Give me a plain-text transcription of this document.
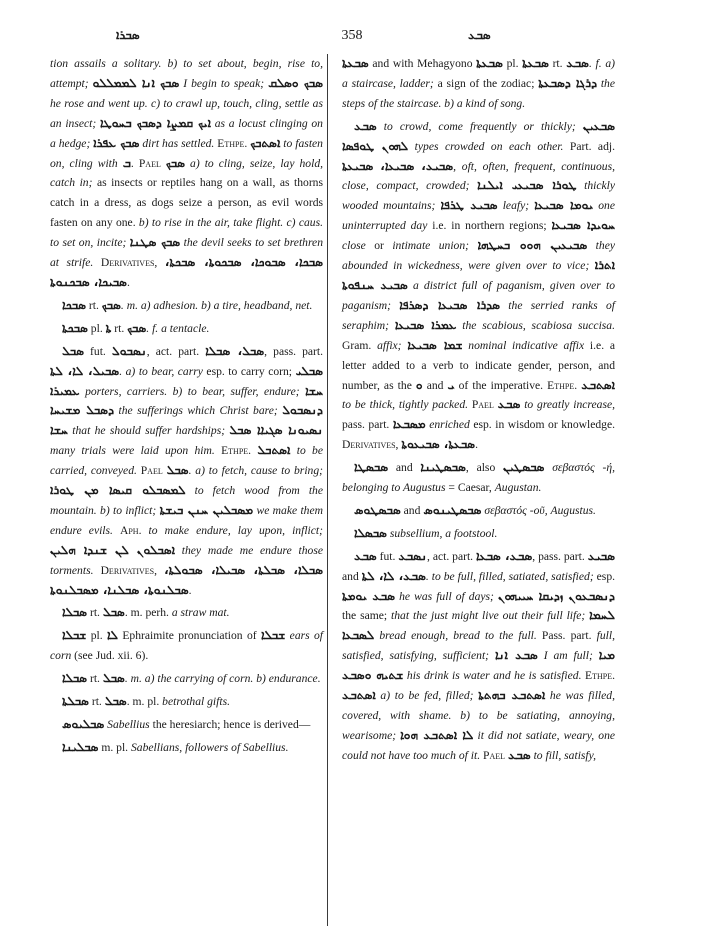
ܣܒܪܐ	358	ܣܒܥ

tion assails a solitary. b) to set about, begin, rise to, attempt; ܣܒܟ ܐܢܐ ܠܡܡܠܠܘ I begin to speak; ܣܒܟ ܘܣܠܩ he rose and went up. c) to crawl up, touch, cling, settle as an insect; ܐܝܟ ܩܡܨܐ ܕܣܒܟ ܒܚܘܛܐ as a locust clinging on a hedge; ܣܒܟ ܥܦܪܐ dirt has settled. Ethpe. ܐܣܬܒܟ to fasten on, cling with ܒ. Pael ܣܒܟ a) to cling, seize, lay hold, catch in; as insects or reptiles hang on a wall, as thorns catch in a dress, as dogs seize a person, as evil words fasten on any one. b) to rise in the air, take flight. c) caus. to set on, incite; ܣܒܟ ܣܛܢܐ the devil seeks to set brethren at strife. Derivatives, ܣܒܟܐ، ܣܒܘܟܐ، ܣܒܟܘܬܐ، ܣܒܟܬܐ، ܣܒܝܟܐ، ܣܒܟܢܘܬܐ.

ܣܒܟܐ rt. ܣܒܟ. m. a) adhesion. b) a tire, headband, net.

ܣܒܟܬܐ pl. ܬܐ rt. ܣܒܟ. f. a tentacle.

ܣܒܠ fut. ܢܣܒܘܠ, act. part. ܣܒܠ، ܣܒܠܐ, pass. part. ܣܒܝܠ، ܠܐ، ܠܬܐ. a) to bear, carry esp. to carry corn; ܣܒܠܝ ܥܡܝܪܐ porters, carriers. b) to bear, suffer, endure; ܚܫܐ ܕܣܒܠ ܡܫܝܚܐ the sufferings which Christ bare; ܕܢܣܒܘܠ ܚܫܐ that he should suffer hardships; ܢܣܝܘܢܐ ܣܓܝܐܐ ܣܒܠ many trials were laid upon him. Ethpe. ܐܣܬܒܠ to be carried, conveyed. Pael ܣܒܠ. a) to fetch, cause to bring; ܠܡܣܒܠܘ ܩܝܣܐ ܡܢ ܛܘܪܐ to fetch wood from the mountain. b) to inflict; ܡܣܒܠܝܢ ܚܢܢ ܒܝܫܬܐ we make them endure evils. Aph. to make endure, lay upon, inflict; ܐܣܒܠܘܢ ܠܢ ܫܢܕܐ ܗܠܝܢ they made me endure those torments. Derivatives, ܣܒܠܐ، ܣܒܠܬܐ، ܣܒܝܠܐ، ܣܒܘܠܬܐ، ܣܒܠܢܘܬܐ، ܣܒܠܢܐ، ܡܣܒܠܢܘܬܐ.

ܣܒܠܐ rt. ܣܒܠ. m. perh. a straw mat.

ܫܒܠܐ pl. ܠܐ Ephraimite pronunciation of ܫܒܠܐ ears of corn (see Jud. xii. 6).

ܣܒܠܐ rt. ܣܒܠ. m. a) the carrying of corn. b) endurance.

ܣܒܠܬܐ rt. ܣܒܠ. m. pl. betrothal gifts.

ܣܒܠܝܘܣ Sabellius the heresiarch; hence is derived—

ܣܒܠܝܢܐ m. pl. Sabellians, followers of Sabellius.

ܣܒܥܬܐ and with Mehagyono ܣܒܥܬܐ pl. ܣܒܥܬܐ rt. ܣܒܥ. f. a) a staircase, ladder; a sign of the zodiac; ܕܪܓܐ ܕܣܒܥܬܐ the steps of the staircase. b) a kind of song.

ܣܒܥ to crowd, come frequently or thickly; ܣܒܥܝܢ ܠܗܘܢ ܛܘܦܣܐ types crowded on each other. Part. adj. ܣܒܝܥ، ܣܒܝܥܐ، ܣܒܝܥܬܐ, oft, often, frequent, continuous, close, compact, crowded; ܛܘܪܐ ܣܒܝܥܝ ܐܝܠܢܐ thickly wooded mountains; ܣܒܝܥ ܛܪܦܐ leafy; ܝܘܡܐ ܣܒܝܥܐ one uninterrupted day i.e. in northern regions; ܚܘܝܕܐ ܣܒܝܥܐ close or intimate union; ܣܒܝܥܝܢ ܗܘܘ ܒܚܛܗܐ they abounded in wickedness, were given over to vice; ܐܬܪܐ ܣܒܝܥ ܚܢܦܘܬܐ a district full of paganism, given over to paganism; ܣܕܪܐ ܣܒܝܥܐ ܕܣܪܦܐ the serried ranks of seraphim; ܥܡܪܐ ܣܒܝܥܐ the scabious, scabiosa succisa. Gram. affix; ܫܡܐ ܣܒܝܥܐ nominal indicative affix i.e. a letter added to a verb to indicate gender, person, and number, as the ܘ and ܝ of the imperative. Ethpe. ܐܣܬܒܥ to be thick, tightly packed. Pael ܣܒܥ to greatly increase, pass. part. ܡܣܒܥܐ enriched esp. in wisdom or knowledge. Derivatives, ܣܒܥܬܐ، ܣܒܝܥܘܬܐ.

ܣܒܣܛܐ and ܣܒܣܛܝܢܐ, also ܣܒܣܛܝܢ σεβαστός -ή, belonging to Augustus = Caesar, Augustan.

ܣܒܣܛܘܣ and ܣܒܣܛܝܢܘܣ σεβαστός -οῦ, Augustus.

ܣܒܣܠܐ subsellium, a footstool.

ܣܒܥ fut. ܢܣܒܥ, act. part. ܣܒܥ، ܣܒܥܐ, pass. part. ܣܒܝܥ and ܣܒܥ، ܠܐ، ܠܬܐ. to be full, filled, satiated, satisfied; esp. ܣܒܥ ܝܘܡܬܐ he was full of days; ܕܢܣܒܥܘܢ ܙܕܝܩܐ ܚܝܝܗܘܢ the same; that the just might live out their full life; ܠܚܡܐ ܠܣܒܥܐ bread enough, bread to the full. Pass. part. full, satisfied, satisfying, sufficient; ܣܒܥ ܐܢܐ I am full; ܡܝܐ ܫܬܝܗ ܘܣܒܥ his drink is water and he is satisfied. Ethpe. ܐܣܬܒܥ a) to be fed, filled; ܐܣܬܒܥ ܒܗܬܬܐ he was filled, covered, with shame. b) to be satiating, annoying, wearisome; ܠܐ ܐܣܬܒܥ ܗܘܐ it did not satiate, weary, one could not have too much of it. Pael ܣܒܥ to fill, satisfy,
